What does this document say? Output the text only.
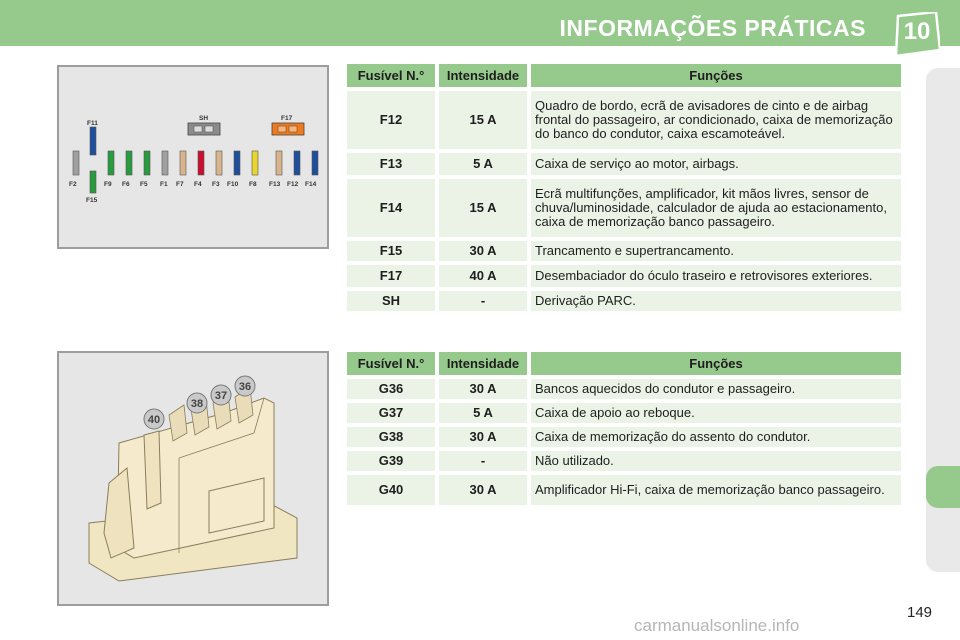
INFORMAÇÕES PRÁTICAS	10
F11
SH	F17
F2	F9 F6 F5 F1 F7 F4 F3 F10 F8 F13 F12 F14
F15
40
38
37
36
Fusível N.°	Intensidade	Funções
F12	15 A	Quadro de bordo, ecrã de avisadores de cinto e de airbag frontal do passageiro, ar condicionado, caixa de memorização do banco do condutor, caixa escamoteável.
F13	5 A	Caixa de serviço ao motor, airbags.
F14	15 A	Ecrã multifunções, amplificador, kit mãos livres, sensor de chuva/luminosidade, calculador de ajuda ao estacionamento, caixa de memorização banco passageiro.
F15	30 A	Trancamento e supertrancamento.
F17	40 A	Desembaciador do óculo traseiro e retrovisores exteriores.
SH	-	Derivação PARC.
Fusível N.°	Intensidade	Funções
G36	30 A	Bancos aquecidos do condutor e passageiro.
G37	5 A	Caixa de apoio ao reboque.
G38	30 A	Caixa de memorização do assento do condutor.
G39	-	Não utilizado.
G40	30 A	Amplificador Hi-Fi, caixa de memorização banco passageiro.
149
carmanualsonline.info
